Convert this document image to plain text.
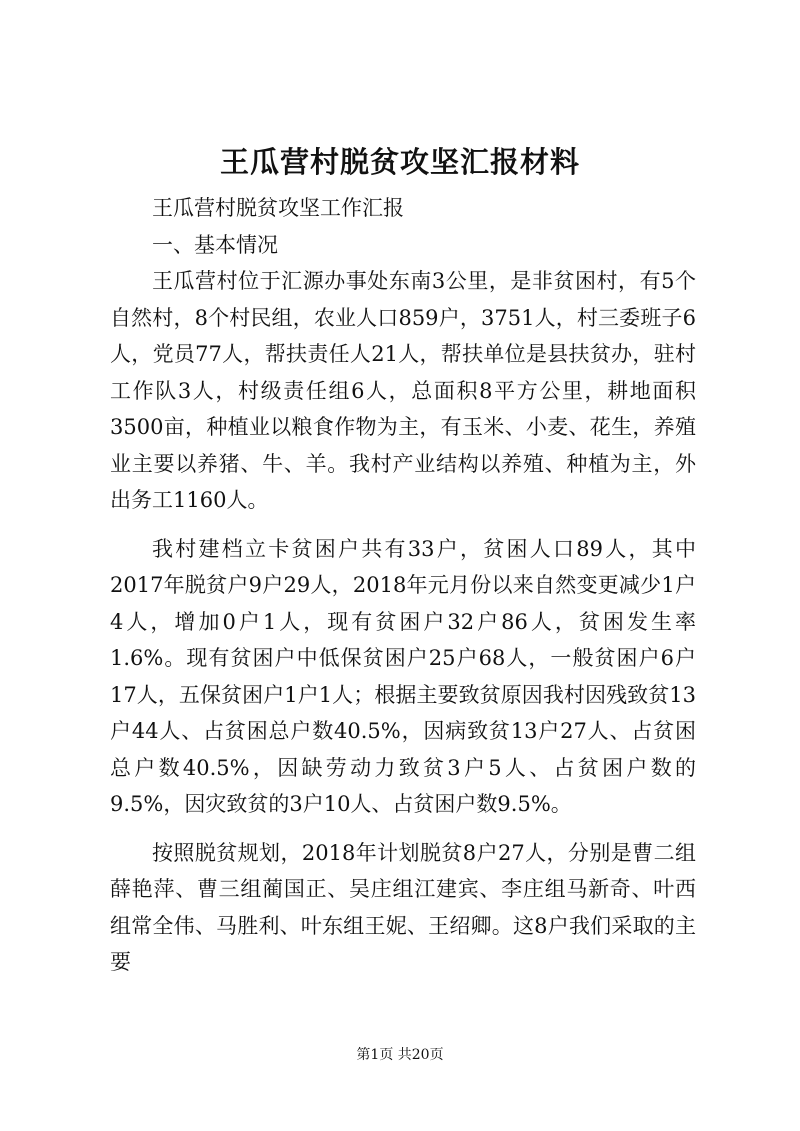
王瓜营村脱贫攻坚汇报材料

王瓜营村脱贫攻坚工作汇报

一、基本情况

王瓜营村位于汇源办事处东南3公里，是非贫困村，有5个自然村，8个村民组，农业人口859户，3751人，村三委班子6人，党员77人，帮扶责任人21人，帮扶单位是县扶贫办，驻村工作队3人，村级责任组6人，总面积8平方公里，耕地面积3500亩，种植业以粮食作物为主，有玉米、小麦、花生，养殖业主要以养猪、牛、羊。我村产业结构以养殖、种植为主，外出务工1160人。

我村建档立卡贫困户共有33户，贫困人口89人，其中2017年脱贫户9户29人，2018年元月份以来自然变更减少1户4人，增加0户1人，现有贫困户32户86人，贫困发生率1.6%。现有贫困户中低保贫困户25户68人，一般贫困户6户17人，五保贫困户1户1人；根据主要致贫原因我村因残致贫13户44人、占贫困总户数40.5%，因病致贫13户27人、占贫困总户数40.5%，因缺劳动力致贫3户5人、占贫困户数的9.5%，因灾致贫的3户10人、占贫困户数9.5%。

按照脱贫规划，2018年计划脱贫8户27人，分别是曹二组薛艳萍、曹三组蔺国正、吴庄组江建宾、李庄组马新奇、叶西组常全伟、马胜利、叶东组王妮、王绍卿。这8户我们采取的主要

第1页 共20页
